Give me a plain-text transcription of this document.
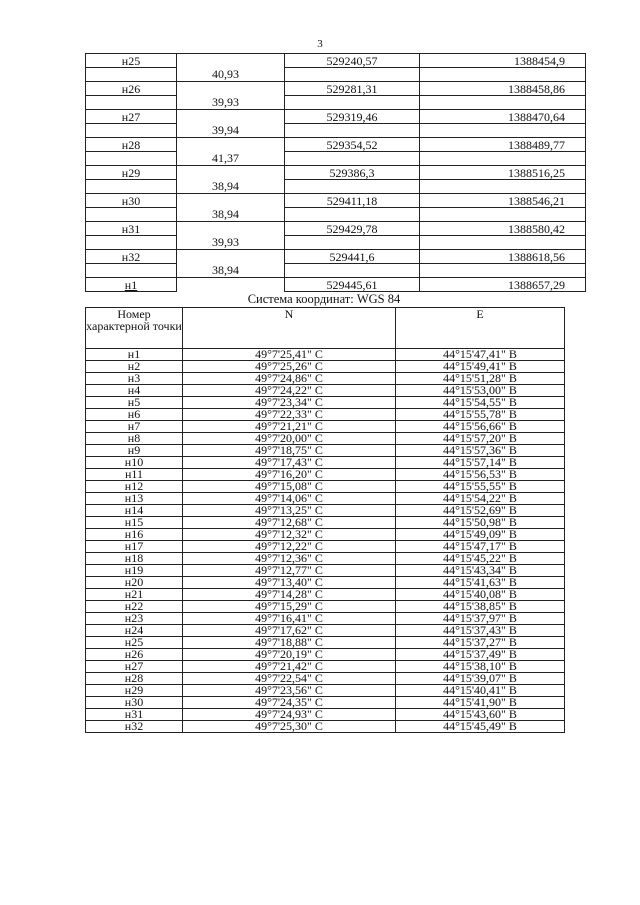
3
н25		529240,57	1388454,9
	40,93		
н26		529281,31	1388458,86
	39,93		
н27		529319,46	1388470,64
	39,94		
н28		529354,52	1388489,77
	41,37		
н29		529386,3	1388516,25
	38,94		
н30		529411,18	1388546,21
	38,94		
н31		529429,78	1388580,42
	39,93		
н32		529441,6	1388618,56
	38,94		
н1		529445,61	1388657,29
Система координат: WGS 84
Номер характерной точки	N	E
н1	49°7'25,41" С	44°15'47,41" В
н2	49°7'25,26" С	44°15'49,41" В
н3	49°7'24,86" С	44°15'51,28" В
н4	49°7'24,22" С	44°15'53,00" В
н5	49°7'23,34" С	44°15'54,55" В
н6	49°7'22,33" С	44°15'55,78" В
н7	49°7'21,21" С	44°15'56,66" В
н8	49°7'20,00" С	44°15'57,20" В
н9	49°7'18,75" С	44°15'57,36" В
н10	49°7'17,43" С	44°15'57,14" В
н11	49°7'16,20" С	44°15'56,53" В
н12	49°7'15,08" С	44°15'55,55" В
н13	49°7'14,06" С	44°15'54,22" В
н14	49°7'13,25" С	44°15'52,69" В
н15	49°7'12,68" С	44°15'50,98" В
н16	49°7'12,32" С	44°15'49,09" В
н17	49°7'12,22" С	44°15'47,17" В
н18	49°7'12,36" С	44°15'45,22" В
н19	49°7'12,77" С	44°15'43,34" В
н20	49°7'13,40" С	44°15'41,63" В
н21	49°7'14,28" С	44°15'40,08" В
н22	49°7'15,29" С	44°15'38,85" В
н23	49°7'16,41" С	44°15'37,97" В
н24	49°7'17,62" С	44°15'37,43" В
н25	49°7'18,88" С	44°15'37,27" В
н26	49°7'20,19" С	44°15'37,49" В
н27	49°7'21,42" С	44°15'38,10" В
н28	49°7'22,54" С	44°15'39,07" В
н29	49°7'23,56" С	44°15'40,41" В
н30	49°7'24,35" С	44°15'41,90" В
н31	49°7'24,93" С	44°15'43,60" В
н32	49°7'25,30" С	44°15'45,49" В
